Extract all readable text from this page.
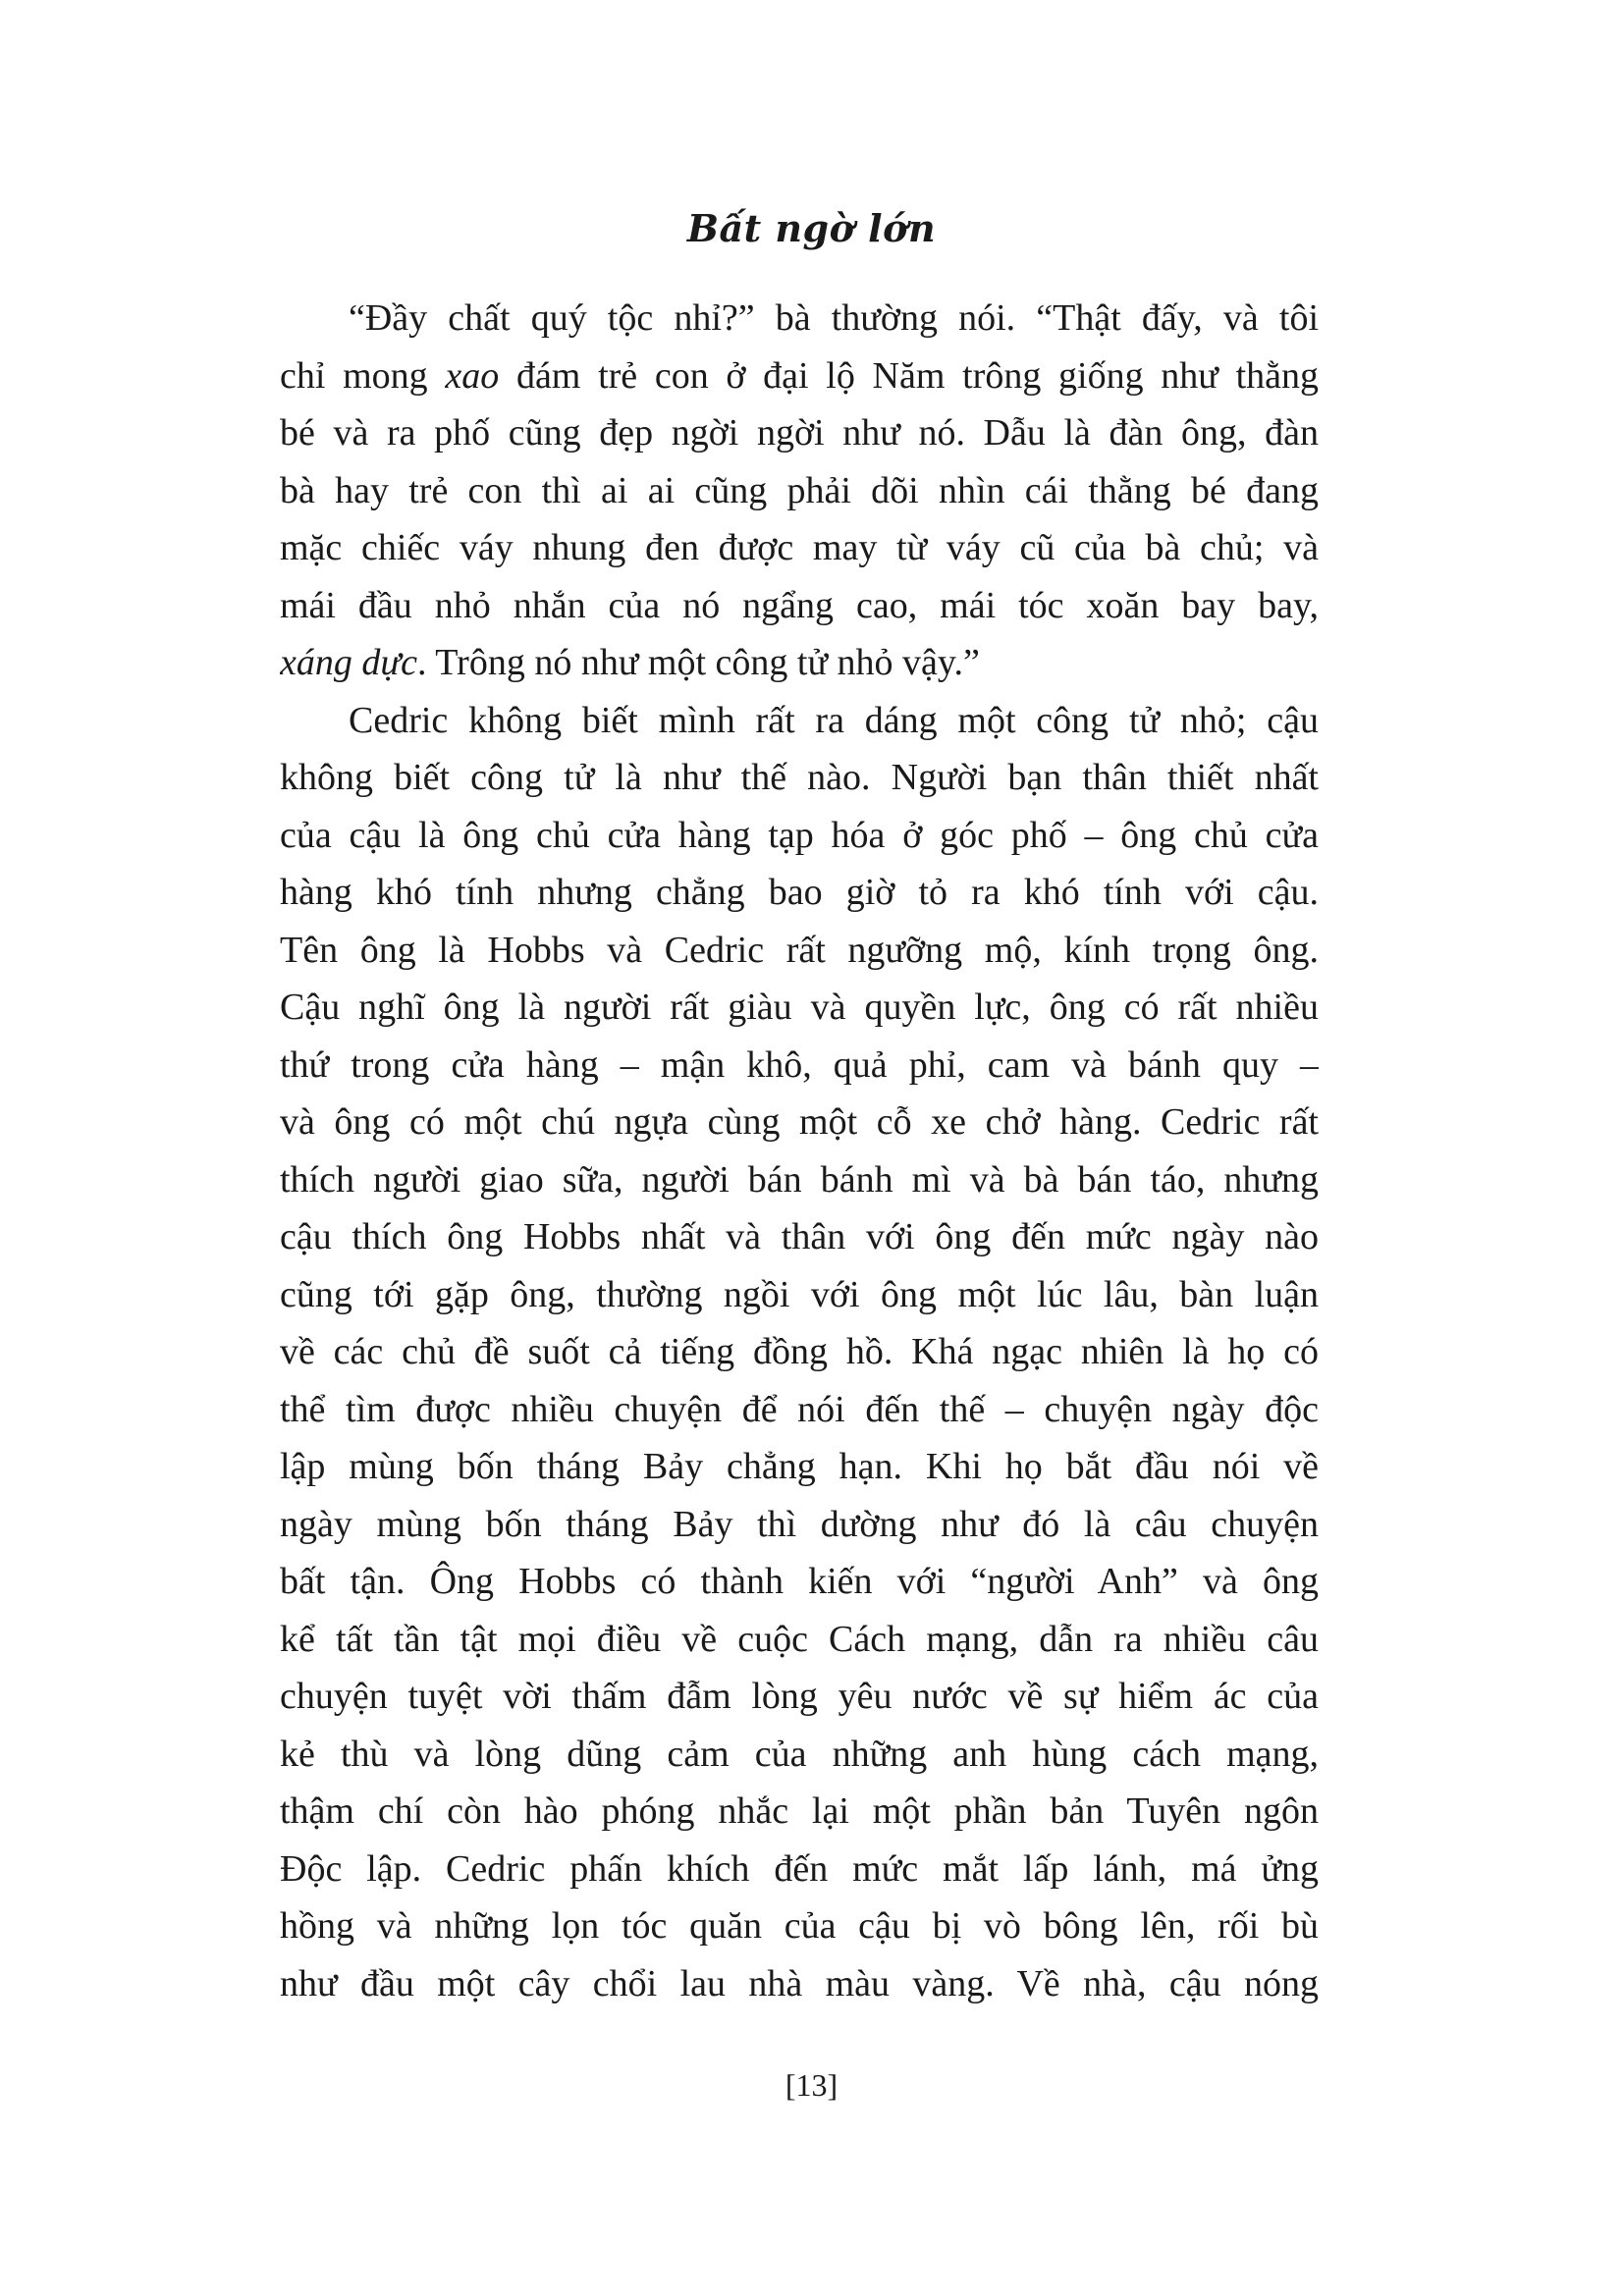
Bất ngờ lớn
“Đầy chất quý tộc nhỉ?” bà thường nói. “Thật đấy, và tôi
chỉ mong xao đám trẻ con ở đại lộ Năm trông giống như thằng
bé và ra phố cũng đẹp ngời ngời như nó. Dẫu là đàn ông, đàn
bà hay trẻ con thì ai ai cũng phải dõi nhìn cái thằng bé đang
mặc chiếc váy nhung đen được may từ váy cũ của bà chủ; và
mái đầu nhỏ nhắn của nó ngẩng cao, mái tóc xoăn bay bay,
xáng dực. Trông nó như một công tử nhỏ vậy.”
Cedric không biết mình rất ra dáng một công tử nhỏ; cậu
không biết công tử là như thế nào. Người bạn thân thiết nhất
của cậu là ông chủ cửa hàng tạp hóa ở góc phố – ông chủ cửa
hàng khó tính nhưng chẳng bao giờ tỏ ra khó tính với cậu.
Tên ông là Hobbs và Cedric rất ngưỡng mộ, kính trọng ông.
Cậu nghĩ ông là người rất giàu và quyền lực, ông có rất nhiều
thứ trong cửa hàng – mận khô, quả phỉ, cam và bánh quy –
và ông có một chú ngựa cùng một cỗ xe chở hàng. Cedric rất
thích người giao sữa, người bán bánh mì và bà bán táo, nhưng
cậu thích ông Hobbs nhất và thân với ông đến mức ngày nào
cũng tới gặp ông, thường ngồi với ông một lúc lâu, bàn luận
về các chủ đề suốt cả tiếng đồng hồ. Khá ngạc nhiên là họ có
thể tìm được nhiều chuyện để nói đến thế – chuyện ngày độc
lập mùng bốn tháng Bảy chẳng hạn. Khi họ bắt đầu nói về
ngày mùng bốn tháng Bảy thì dường như đó là câu chuyện
bất tận. Ông Hobbs có thành kiến với “người Anh” và ông
kể tất tần tật mọi điều về cuộc Cách mạng, dẫn ra nhiều câu
chuyện tuyệt vời thấm đẫm lòng yêu nước về sự hiểm ác của
kẻ thù và lòng dũng cảm của những anh hùng cách mạng,
thậm chí còn hào phóng nhắc lại một phần bản Tuyên ngôn
Độc lập. Cedric phấn khích đến mức mắt lấp lánh, má ửng
hồng và những lọn tóc quăn của cậu bị vò bông lên, rối bù
như đầu một cây chổi lau nhà màu vàng. Về nhà, cậu nóng

[13]
